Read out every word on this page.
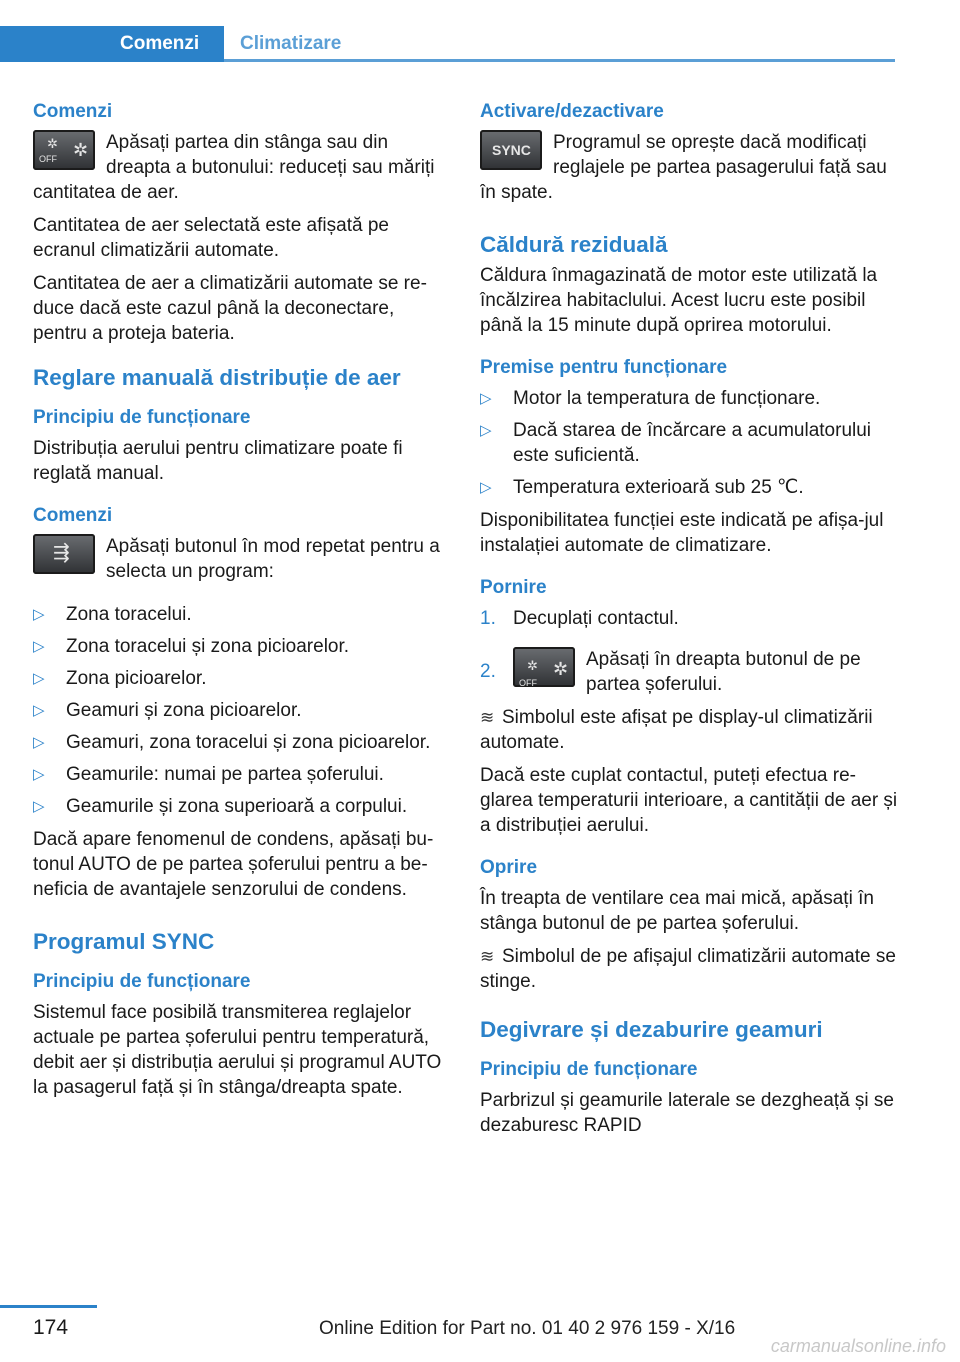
Comenzi	Climatizare
Comenzi
OFF
✲ ✲ Apăsați partea din stânga sau din dreapta a butonului: reduceți sau măriți cantitatea de aer.

Cantitatea de aer selectată este afișată pe ecranul climatizării automate.

Cantitatea de aer a climatizării automate se re‐duce dacă este cazul până la deconectare, pentru a proteja bateria.

Reglare manuală distribuție de aer
Principiu de funcționare

Distribuția aerului pentru climatizare poate fi reglată manual.

Comenzi
⇶	Apăsați butonul în mod repetat pentru a selecta un program:

▷ Zona toracelui.
▷ Zona toracelui și zona picioarelor.
▷ Zona picioarelor.
▷ Geamuri și zona picioarelor.
▷ Geamuri, zona toracelui și zona picioarelor.
▷ Geamurile: numai pe partea șoferului.
▷ Geamurile și zona superioară a corpului.

Dacă apare fenomenul de condens, apăsați bu‐tonul AUTO de pe partea șoferului pentru a be‐neficia de avantajele senzorului de condens.

Programul SYNC
Principiu de funcționare

Sistemul face posibilă transmiterea reglajelor actuale pe partea șoferului pentru temperatură, debit aer și distribuția aerului și programul AUTO la pasagerul față și în stânga/dreapta spate.

Activare/dezactivare
SYNC	Programul se oprește dacă modificați reglajele pe partea pasagerului față sau în spate.

Căldură reziduală

Căldura înmagazinată de motor este utilizată la încălzirea habitaclului. Acest lucru este posibil până la 15 minute după oprirea motorului.

Premise pentru funcționare
▷ Motor la temperatura de funcționare.
▷ Dacă starea de încărcare a acumulatorului este suficientă.
▷ Temperatura exterioară sub 25 ℃.

Disponibilitatea funcției este indicată pe afișa‐jul instalației automate de climatizare.

Pornire
1. Decuplați contactul.
2.
OFF
✲ ✲ Apăsați în dreapta butonul de pe partea șoferului.

≋ Simbolul este afișat pe display-ul climatizării automate.

Dacă este cuplat contactul, puteți efectua re‐glarea temperaturii interioare, a cantității de aer și a distribuției aerului.

Oprire

În treapta de ventilare cea mai mică, apăsați în stânga butonul de pe partea șoferului.

≋ Simbolul de pe afișajul climatizării automate se stinge.

Degivrare și dezaburire geamuri
Principiu de funcționare

Parbrizul și geamurile laterale se dezgheață și se dezaburesc RAPID

174	Online Edition for Part no. 01 40 2 976 159 - X/16
carmanualsonline.info
